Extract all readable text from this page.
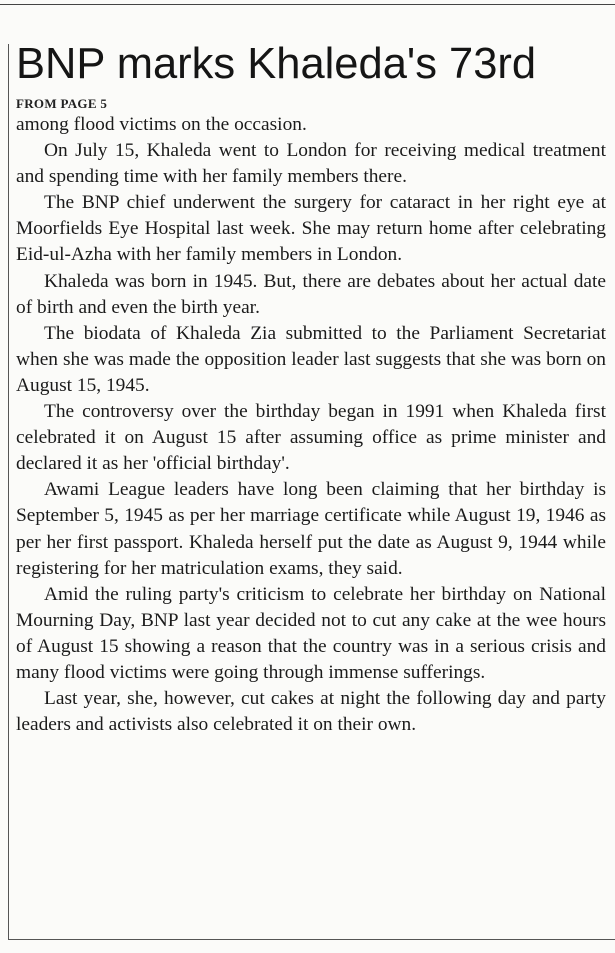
BNP marks Khaleda's 73rd
FROM PAGE 5

among flood victims on the occasion.

On July 15, Khaleda went to London for receiving medical treatment and spending time with her family members there.

The BNP chief underwent the surgery for cataract in her right eye at Moorfields Eye Hospital last week. She may return home after celebrating Eid-ul-Azha with her family members in London.

Khaleda was born in 1945. But, there are debates about her actual date of birth and even the birth year.

The biodata of Khaleda Zia submitted to the Parliament Secretariat when she was made the opposition leader last suggests that she was born on August 15, 1945.

The controversy over the birthday began in 1991 when Khaleda first celebrated it on August 15 after assuming office as prime minister and declared it as her 'official birthday'.

Awami League leaders have long been claiming that her birthday is September 5, 1945 as per her marriage certificate while August 19, 1946 as per her first passport. Khaleda herself put the date as August 9, 1944 while registering for her matriculation exams, they said.

Amid the ruling party's criticism to celebrate her birthday on National Mourning Day, BNP last year decided not to cut any cake at the wee hours of August 15 showing a reason that the country was in a serious crisis and many flood victims were going through immense sufferings.

Last year, she, however, cut cakes at night the following day and party leaders and activists also celebrated it on their own.
